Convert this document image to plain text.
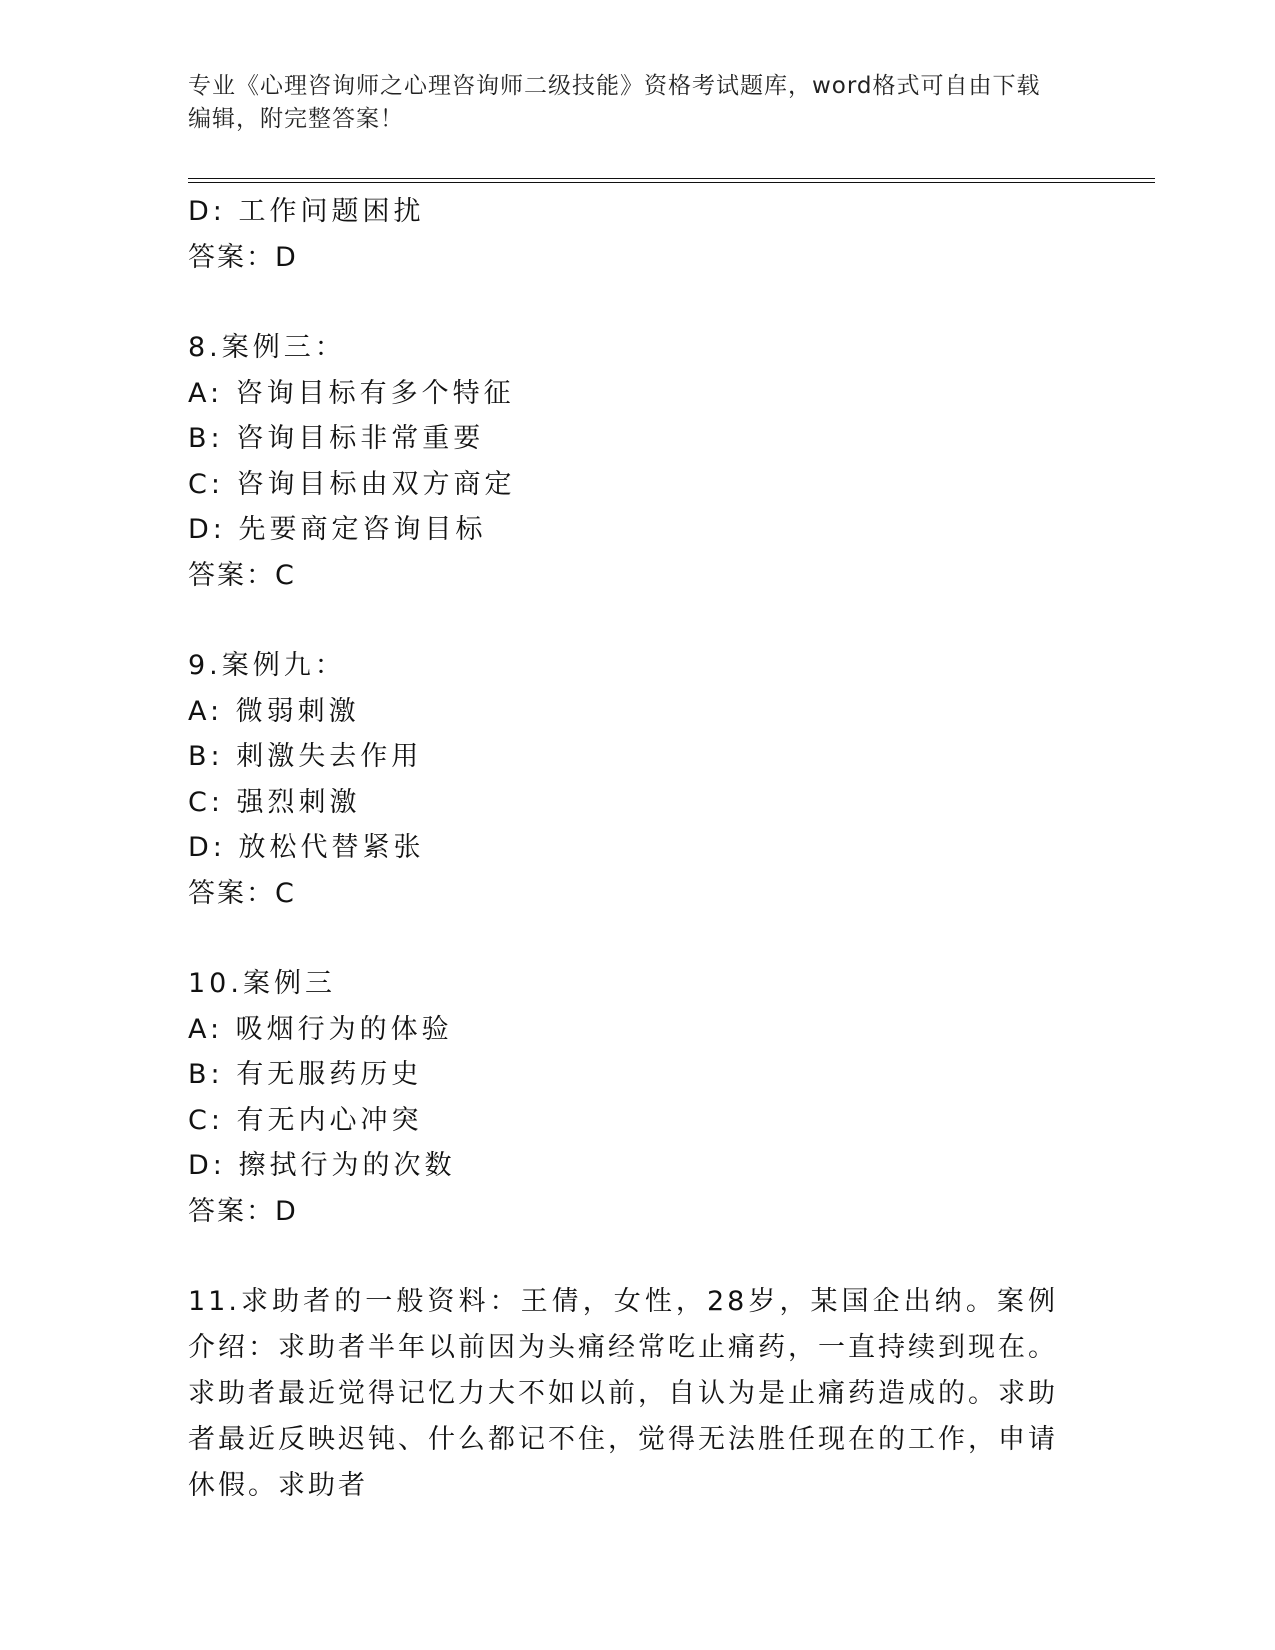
专业《心理咨询师之心理咨询师二级技能》资格考试题库，word格式可自由下载
编辑，附完整答案！
D: 工作问题困扰
答案：D
8.案例三：
A: 咨询目标有多个特征
B: 咨询目标非常重要
C: 咨询目标由双方商定
D: 先要商定咨询目标
答案：C
9.案例九：
A: 微弱刺激
B: 刺激失去作用
C: 强烈刺激
D: 放松代替紧张
答案：C
10.案例三
A: 吸烟行为的体验
B: 有无服药历史
C: 有无内心冲突
D: 擦拭行为的次数
答案：D
11.求助者的一般资料：王倩，女性，28岁，某国企出纳。案例介绍：求助者半年以前因为头痛经常吃止痛药，一直持续到现在。求助者最近觉得记忆力大不如以前，自认为是止痛药造成的。求助者最近反映迟钝、什么都记不住，觉得无法胜任现在的工作，申请休假。求助者
